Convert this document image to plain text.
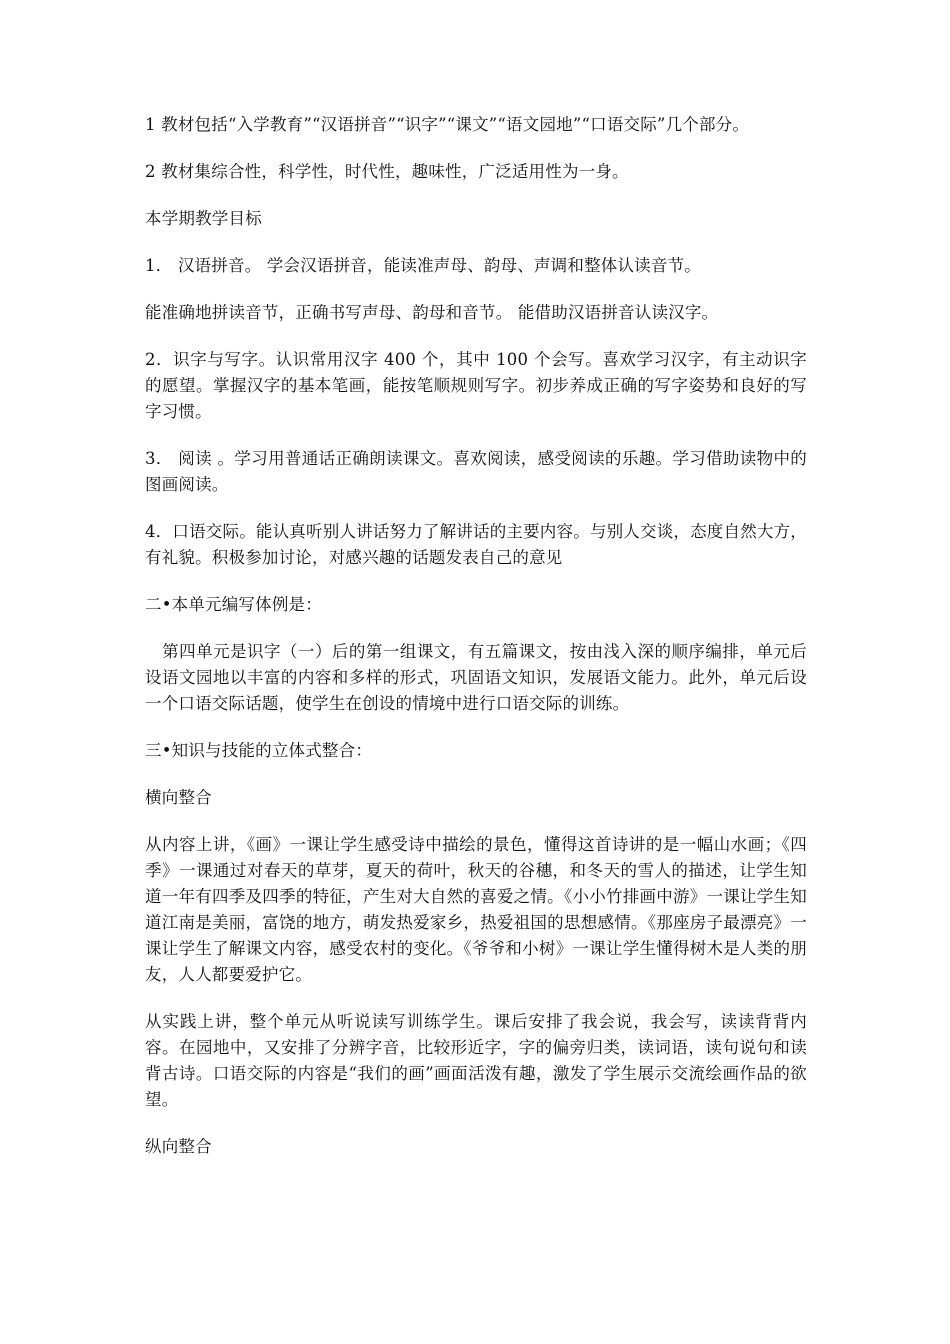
1 教材包括“入学教育”“汉语拼音”“识字”“课文”“语文园地”“口语交际”几个部分。

2 教材集综合性，科学性，时代性，趣味性，广泛适用性为一身。

本学期教学目标

1． 汉语拼音。 学会汉语拼音，能读准声母、韵母、声调和整体认读音节。

能准确地拼读音节，正确书写声母、韵母和音节。 能借助汉语拼音认读汉字。

2．识字与写字。认识常用汉字 400 个，其中 100 个会写。喜欢学习汉字，有主动识字的愿望。掌握汉字的基本笔画，能按笔顺规则写字。初步养成正确的写字姿势和良好的写字习惯。

3． 阅读 。学习用普通话正确朗读课文。喜欢阅读，感受阅读的乐趣。学习借助读物中的图画阅读。

4．口语交际。能认真听别人讲话努力了解讲话的主要内容。与别人交谈，态度自然大方，有礼貌。积极参加讨论，对感兴趣的话题发表自己的意见

二•本单元编写体例是：

第四单元是识字（一）后的第一组课文，有五篇课文，按由浅入深的顺序编排，单元后设语文园地以丰富的内容和多样的形式，巩固语文知识，发展语文能力。此外，单元后设一个口语交际话题，使学生在创设的情境中进行口语交际的训练。

三•知识与技能的立体式整合：

横向整合

从内容上讲，《画》一课让学生感受诗中描绘的景色，懂得这首诗讲的是一幅山水画；《四季》一课通过对春天的草芽，夏天的荷叶，秋天的谷穗，和冬天的雪人的描述，让学生知道一年有四季及四季的特征，产生对大自然的喜爱之情。《小小竹排画中游》一课让学生知道江南是美丽，富饶的地方，萌发热爱家乡，热爱祖国的思想感情。《那座房子最漂亮》一课让学生了解课文内容，感受农村的变化。《爷爷和小树》一课让学生懂得树木是人类的朋友，人人都要爱护它。

从实践上讲，整个单元从听说读写训练学生。课后安排了我会说，我会写，读读背背内容。在园地中，又安排了分辨字音，比较形近字，字的偏旁归类，读词语，读句说句和读背古诗。口语交际的内容是“我们的画”画面活泼有趣，激发了学生展示交流绘画作品的欲望。

纵向整合
